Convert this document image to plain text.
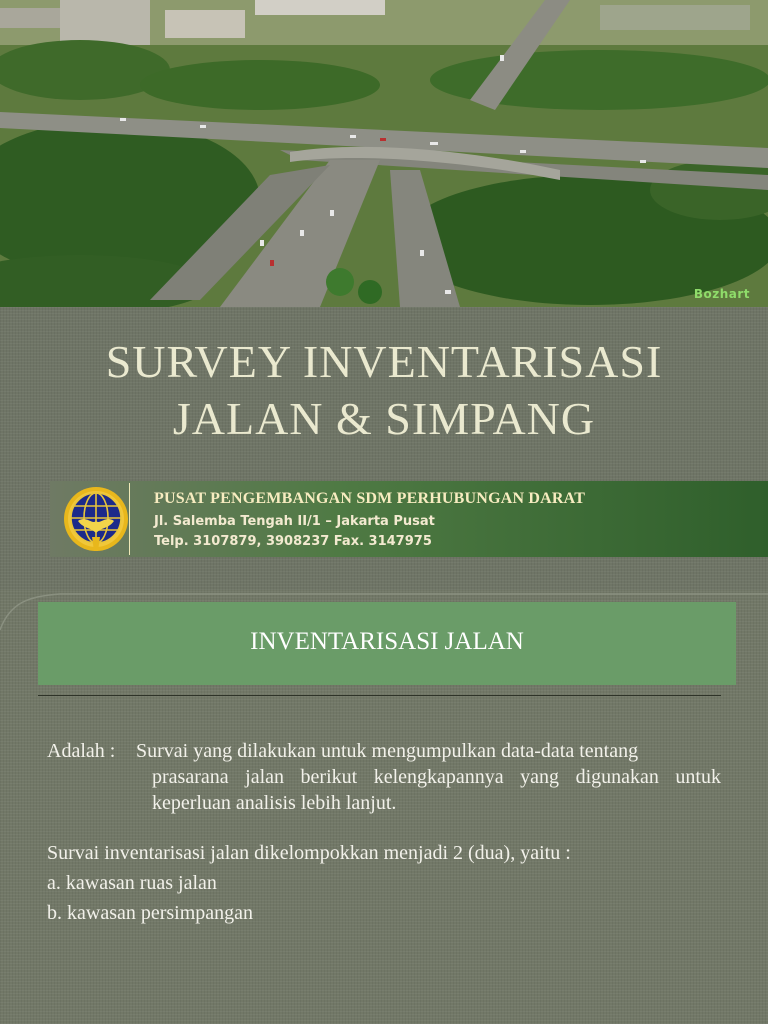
Bozhart
SURVEY INVENTARISASI
JALAN & SIMPANG
PUSAT PENGEMBANGAN SDM PERHUBUNGAN DARAT
Jl. Salemba Tengah II/1 – Jakarta Pusat
Telp. 3107879, 3908237 Fax. 3147975
INVENTARISASI JALAN
Adalah : Survai yang dilakukan untuk mengumpulkan data-data tentang
prasarana jalan berikut kelengkapannya yang digunakan untuk keperluan analisis lebih lanjut.
Survai inventarisasi jalan dikelompokkan menjadi 2 (dua), yaitu :
a. kawasan ruas jalan
b. kawasan persimpangan
